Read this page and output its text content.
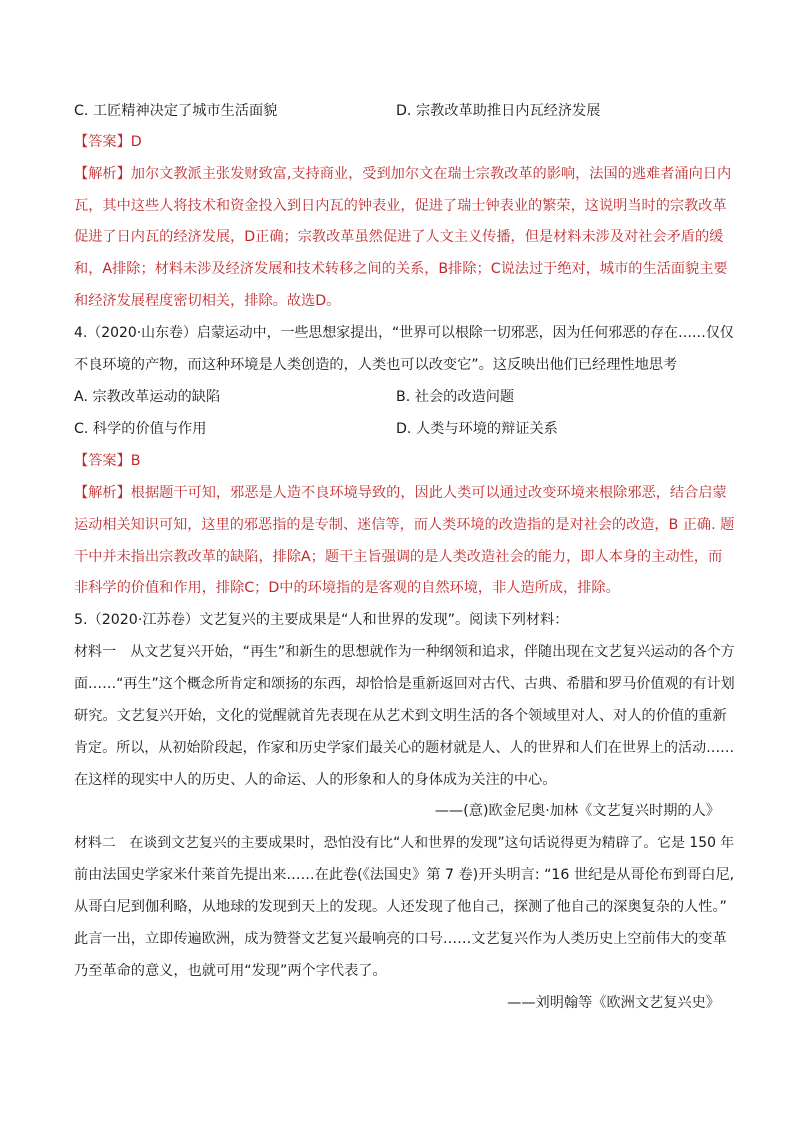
C. 工匠精神决定了城市生活面貌	D. 宗教改革助推日内瓦经济发展
【答案】D
【解析】加尔文教派主张发财致富,支持商业，受到加尔文在瑞士宗教改革的影响，法国的逃难者涌向日内
瓦，其中这些人将技术和资金投入到日内瓦的钟表业，促进了瑞士钟表业的繁荣，这说明当时的宗教改革
促进了日内瓦的经济发展，D正确；宗教改革虽然促进了人文主义传播，但是材料未涉及对社会矛盾的缓
和，A排除；材料未涉及经济发展和技术转移之间的关系，B排除；C说法过于绝对，城市的生活面貌主要
和经济发展程度密切相关，排除。故选D。
4.（2020·山东卷）启蒙运动中，一些思想家提出，“世界可以根除一切邪恶，因为任何邪恶的存在……仅仅
不良环境的产物，而这种环境是人类创造的，人类也可以改变它”。这反映出他们已经理性地思考
A. 宗教改革运动的缺陷	B. 社会的改造问题
C. 科学的价值与作用	D. 人类与环境的辩证关系
【答案】B
【解析】根据题干可知，邪恶是人造不良环境导致的，因此人类可以通过改变环境来根除邪恶，结合启蒙
运动相关知识可知，这里的邪恶指的是专制、迷信等，而人类环境的改造指的是对社会的改造，B 正确. 题
干中并未指出宗教改革的缺陷，排除A；题干主旨强调的是人类改造社会的能力，即人本身的主动性，而
非科学的价值和作用，排除C；D中的环境指的是客观的自然环境，非人造所成，排除。
5.（2020·江苏卷）文艺复兴的主要成果是“人和世界的发现”。阅读下列材料：
材料一　从文艺复兴开始，“再生”和新生的思想就作为一种纲领和追求，伴随出现在文艺复兴运动的各个方
面……“再生”这个概念所肯定和颂扬的东西，却恰恰是重新返回对古代、古典、希腊和罗马价值观的有计划
研究。文艺复兴开始，文化的觉醒就首先表现在从艺术到文明生活的各个领域里对人、对人的价值的重新
肯定。所以，从初始阶段起，作家和历史学家们最关心的题材就是人、人的世界和人们在世界上的活动……
在这样的现实中人的历史、人的命运、人的形象和人的身体成为关注的中心。
——(意)欧金尼奥·加林《文艺复兴时期的人》
材料二　在谈到文艺复兴的主要成果时，恐怕没有比“人和世界的发现”这句话说得更为精辟了。它是 150 年
前由法国史学家米什莱首先提出来……在此卷(《法国史》第 7 卷)开头明言: “16 世纪是从哥伦布到哥白尼,
从哥白尼到伽利略，从地球的发现到天上的发现。人还发现了他自己，探测了他自己的深奥复杂的人性。”
此言一出，立即传遍欧洲，成为赞誉文艺复兴最响亮的口号……文艺复兴作为人类历史上空前伟大的变革
乃至革命的意义，也就可用“发现”两个字代表了。
——刘明翰等《欧洲文艺复兴史》
